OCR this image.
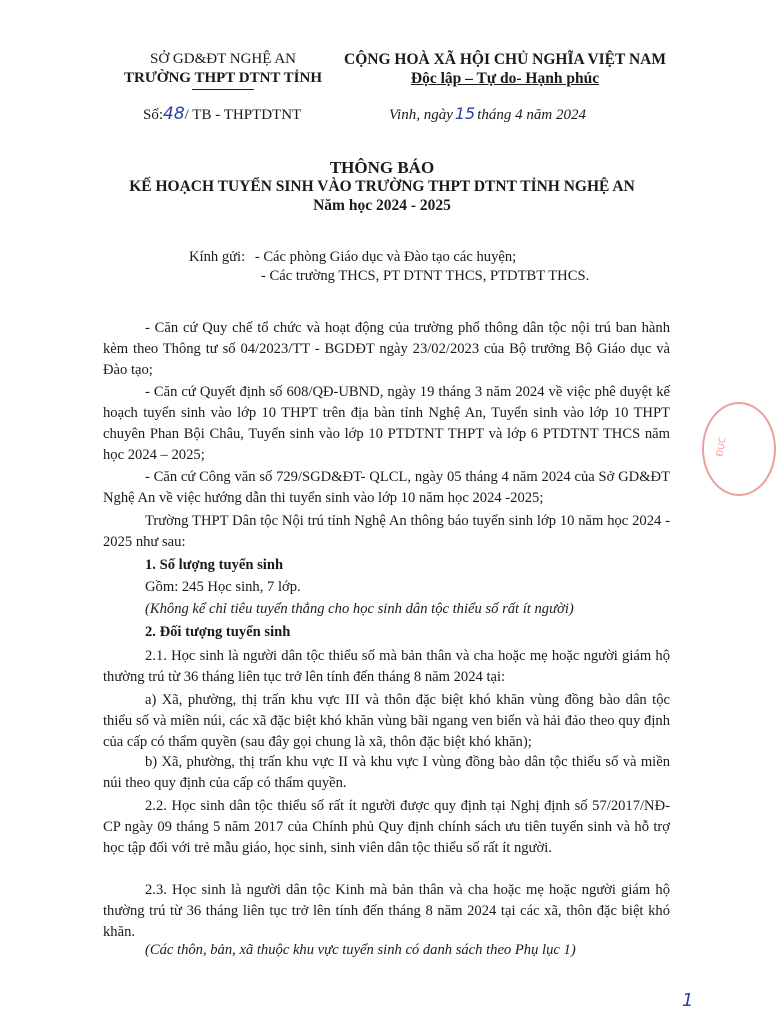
SỞ GD&ĐT NGHỆ AN
TRƯỜNG THPT DTNT TỈNH
CỘNG HOÀ XÃ HỘI CHỦ NGHĨA VIỆT NAM
Độc lập – Tự do- Hạnh phúc
Số:48/ TB - THPTDTNT	Vinh, ngày 15 tháng 4 năm 2024
THÔNG BÁO
KẾ HOẠCH TUYỂN SINH VÀO TRƯỜNG THPT DTNT TỈNH NGHỆ AN
Năm học 2024 - 2025
Kính gửi: - Các phòng Giáo dục và Đào tạo các huyện;
- Các trường THCS, PT DTNT THCS, PTDTBT THCS.
- Căn cứ Quy chế tổ chức và hoạt động của trường phổ thông dân tộc nội trú ban hành kèm theo Thông tư số 04/2023/TT - BGDĐT ngày 23/02/2023 của Bộ trưởng Bộ Giáo dục và Đào tạo;
- Căn cứ Quyết định số 608/QĐ-UBND, ngày 19 tháng 3 năm 2024 về việc phê duyệt kế hoạch tuyển sinh vào lớp 10 THPT trên địa bàn tỉnh Nghệ An, Tuyển sinh vào lớp 10 THPT chuyên Phan Bội Châu, Tuyển sinh vào lớp 10 PTDTNT THPT và lớp 6 PTDTNT THCS năm học 2024 – 2025;
- Căn cứ Công văn số 729/SGD&ĐT- QLCL, ngày 05 tháng 4 năm 2024 của Sở GD&ĐT Nghệ An về việc hướng dẫn thi tuyển sinh vào lớp 10 năm học 2024 -2025;
Trường THPT Dân tộc Nội trú tỉnh Nghệ An thông báo tuyển sinh lớp 10 năm học 2024 - 2025 như sau:
1. Số lượng tuyển sinh
Gồm: 245 Học sinh, 7 lớp.
(Không kể chỉ tiêu tuyển thẳng cho học sinh dân tộc thiểu số rất ít người)
2. Đối tượng tuyển sinh
2.1. Học sinh là người dân tộc thiểu số mà bản thân và cha hoặc mẹ hoặc người giám hộ thường trú từ 36 tháng liên tục trở lên tính đến tháng 8 năm 2024 tại:
a) Xã, phường, thị trấn khu vực III và thôn đặc biệt khó khăn vùng đồng bào dân tộc thiểu số và miền núi, các xã đặc biệt khó khăn vùng bãi ngang ven biển và hải đảo theo quy định của cấp có thẩm quyền (sau đây gọi chung là xã, thôn đặc biệt khó khăn);
b) Xã, phường, thị trấn khu vực II và khu vực I vùng đồng bào dân tộc thiểu số và miền núi theo quy định của cấp có thẩm quyền.
2.2. Học sinh dân tộc thiểu số rất ít người được quy định tại Nghị định số 57/2017/NĐ-CP ngày 09 tháng 5 năm 2017 của Chính phủ Quy định chính sách ưu tiên tuyển sinh và hỗ trợ học tập đối với trẻ mẫu giáo, học sinh, sinh viên dân tộc thiểu số rất ít người.
2.3. Học sinh là người dân tộc Kinh mà bản thân và cha hoặc mẹ hoặc người giám hộ thường trú từ 36 tháng liên tục trở lên tính đến tháng 8 năm 2024 tại các xã, thôn đặc biệt khó khăn.
(Các thôn, bản, xã thuộc khu vực tuyển sinh có danh sách theo Phụ lục 1)
ĐỤC
1
